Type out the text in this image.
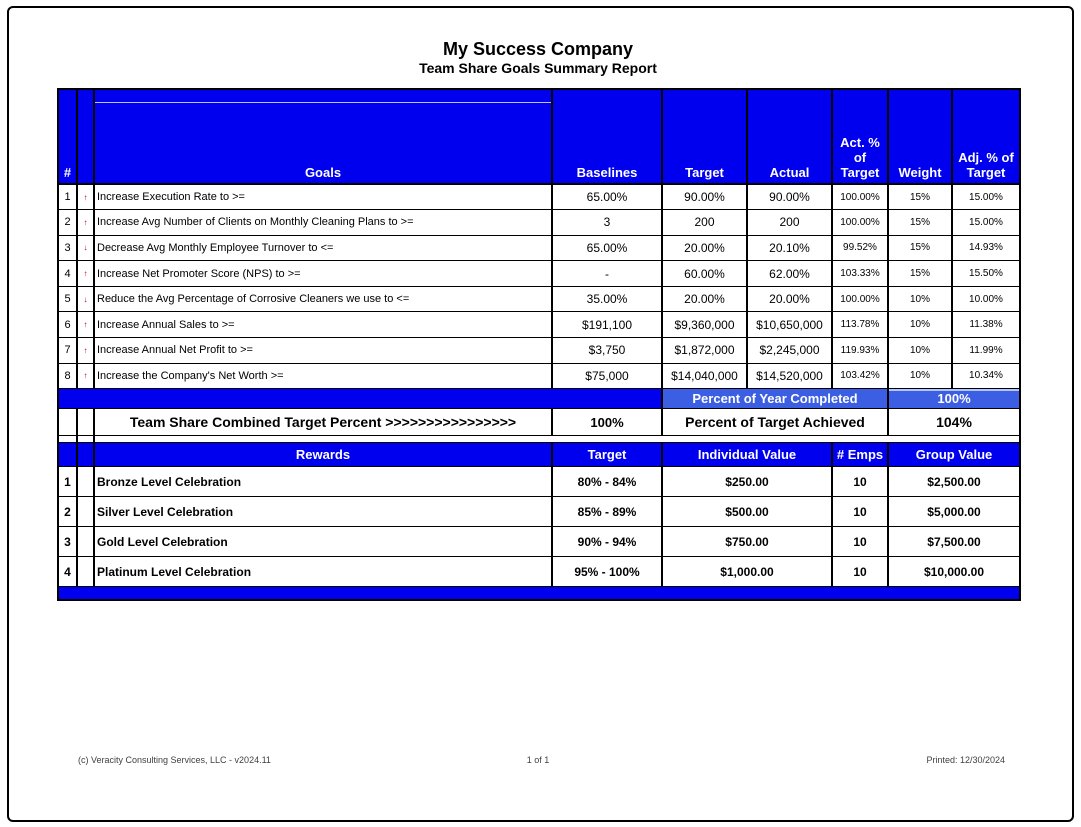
My Success Company
Team Share Goals Summary Report
#		Goals	Baselines	Target	Actual	Act. % of Target	Weight	Adj. % of Target
1	↑	Increase Execution Rate to >=	65.00%	90.00%	90.00%	100.00%	15%	15.00%
2	↑	Increase Avg Number of Clients on Monthly Cleaning Plans to >=	3	200	200	100.00%	15%	15.00%
3	↓	Decrease Avg Monthly Employee Turnover to <=	65.00%	20.00%	20.10%	99.52%	15%	14.93%
4	↑	Increase Net Promoter Score (NPS) to >=	-	60.00%	62.00%	103.33%	15%	15.50%
5	↓	Reduce the Avg Percentage of Corrosive Cleaners we use to <=	35.00%	20.00%	20.00%	100.00%	10%	10.00%
6	↑	Increase Annual Sales to >=	$191,100	$9,360,000	$10,650,000	113.78%	10%	11.38%
7	↑	Increase Annual Net Profit to >=	$3,750	$1,872,000	$2,245,000	119.93%	10%	11.99%
8	↑	Increase the Company's Net Worth >=	$75,000	$14,040,000	$14,520,000	103.42%	10%	10.34%
				Percent of Year Completed			100%	
		Team Share Combined Target Percent >>>>>>>>>>>>>>>>	100%	Percent of Target Achieved			104%	

		Rewards	Target	Individual Value		# Emps	Group Value	
1		Bronze Level Celebration	80% - 84%	$250.00		10	$2,500.00	
2		Silver Level Celebration	85% - 89%	$500.00		10	$5,000.00	
3		Gold Level Celebration	90% - 94%	$750.00		10	$7,500.00	
4		Platinum Level Celebration	95% - 100%	$1,000.00		10	$10,000.00	

(c) Veracity Consulting Services, LLC - v2024.11	1 of 1	Printed: 12/30/2024
